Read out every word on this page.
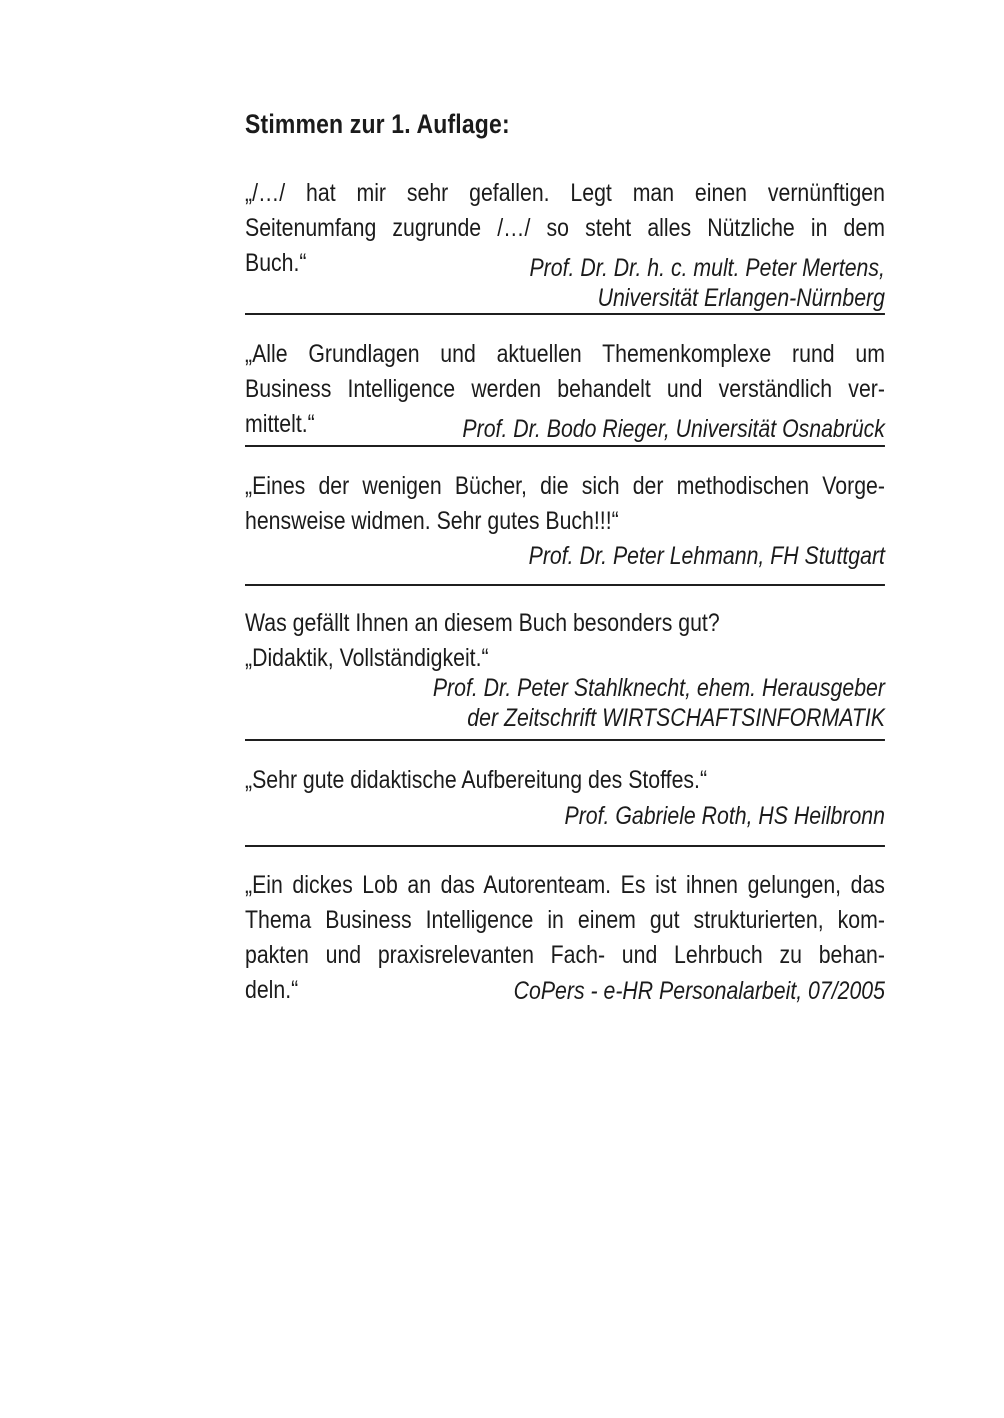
Stimmen zur 1. Auflage:
„/…/ hat mir sehr gefallen. Legt man einen vernünftigen
Seitenumfang zugrunde /…/ so steht alles Nützliche in dem
Buch.“	Prof. Dr. Dr. h. c. mult. Peter Mertens,
Universität Erlangen-Nürnberg
„Alle Grundlagen und aktuellen Themenkomplexe rund um
Business Intelligence werden behandelt und verständlich ver-
mittelt.“	Prof. Dr. Bodo Rieger, Universität Osnabrück
„Eines der wenigen Bücher, die sich der methodischen Vorge-
hensweise widmen. Sehr gutes Buch!!!“
Prof. Dr. Peter Lehmann, FH Stuttgart
Was gefällt Ihnen an diesem Buch besonders gut?
„Didaktik, Vollständigkeit.“
Prof. Dr. Peter Stahlknecht, ehem. Herausgeber
der Zeitschrift WIRTSCHAFTSINFORMATIK
„Sehr gute didaktische Aufbereitung des Stoffes.“
Prof. Gabriele Roth, HS Heilbronn
„Ein dickes Lob an das Autorenteam. Es ist ihnen gelungen, das
Thema Business Intelligence in einem gut strukturierten, kom-
pakten und praxisrelevanten Fach- und Lehrbuch zu behan-
deln.“	CoPers - e-HR Personalarbeit, 07/2005
